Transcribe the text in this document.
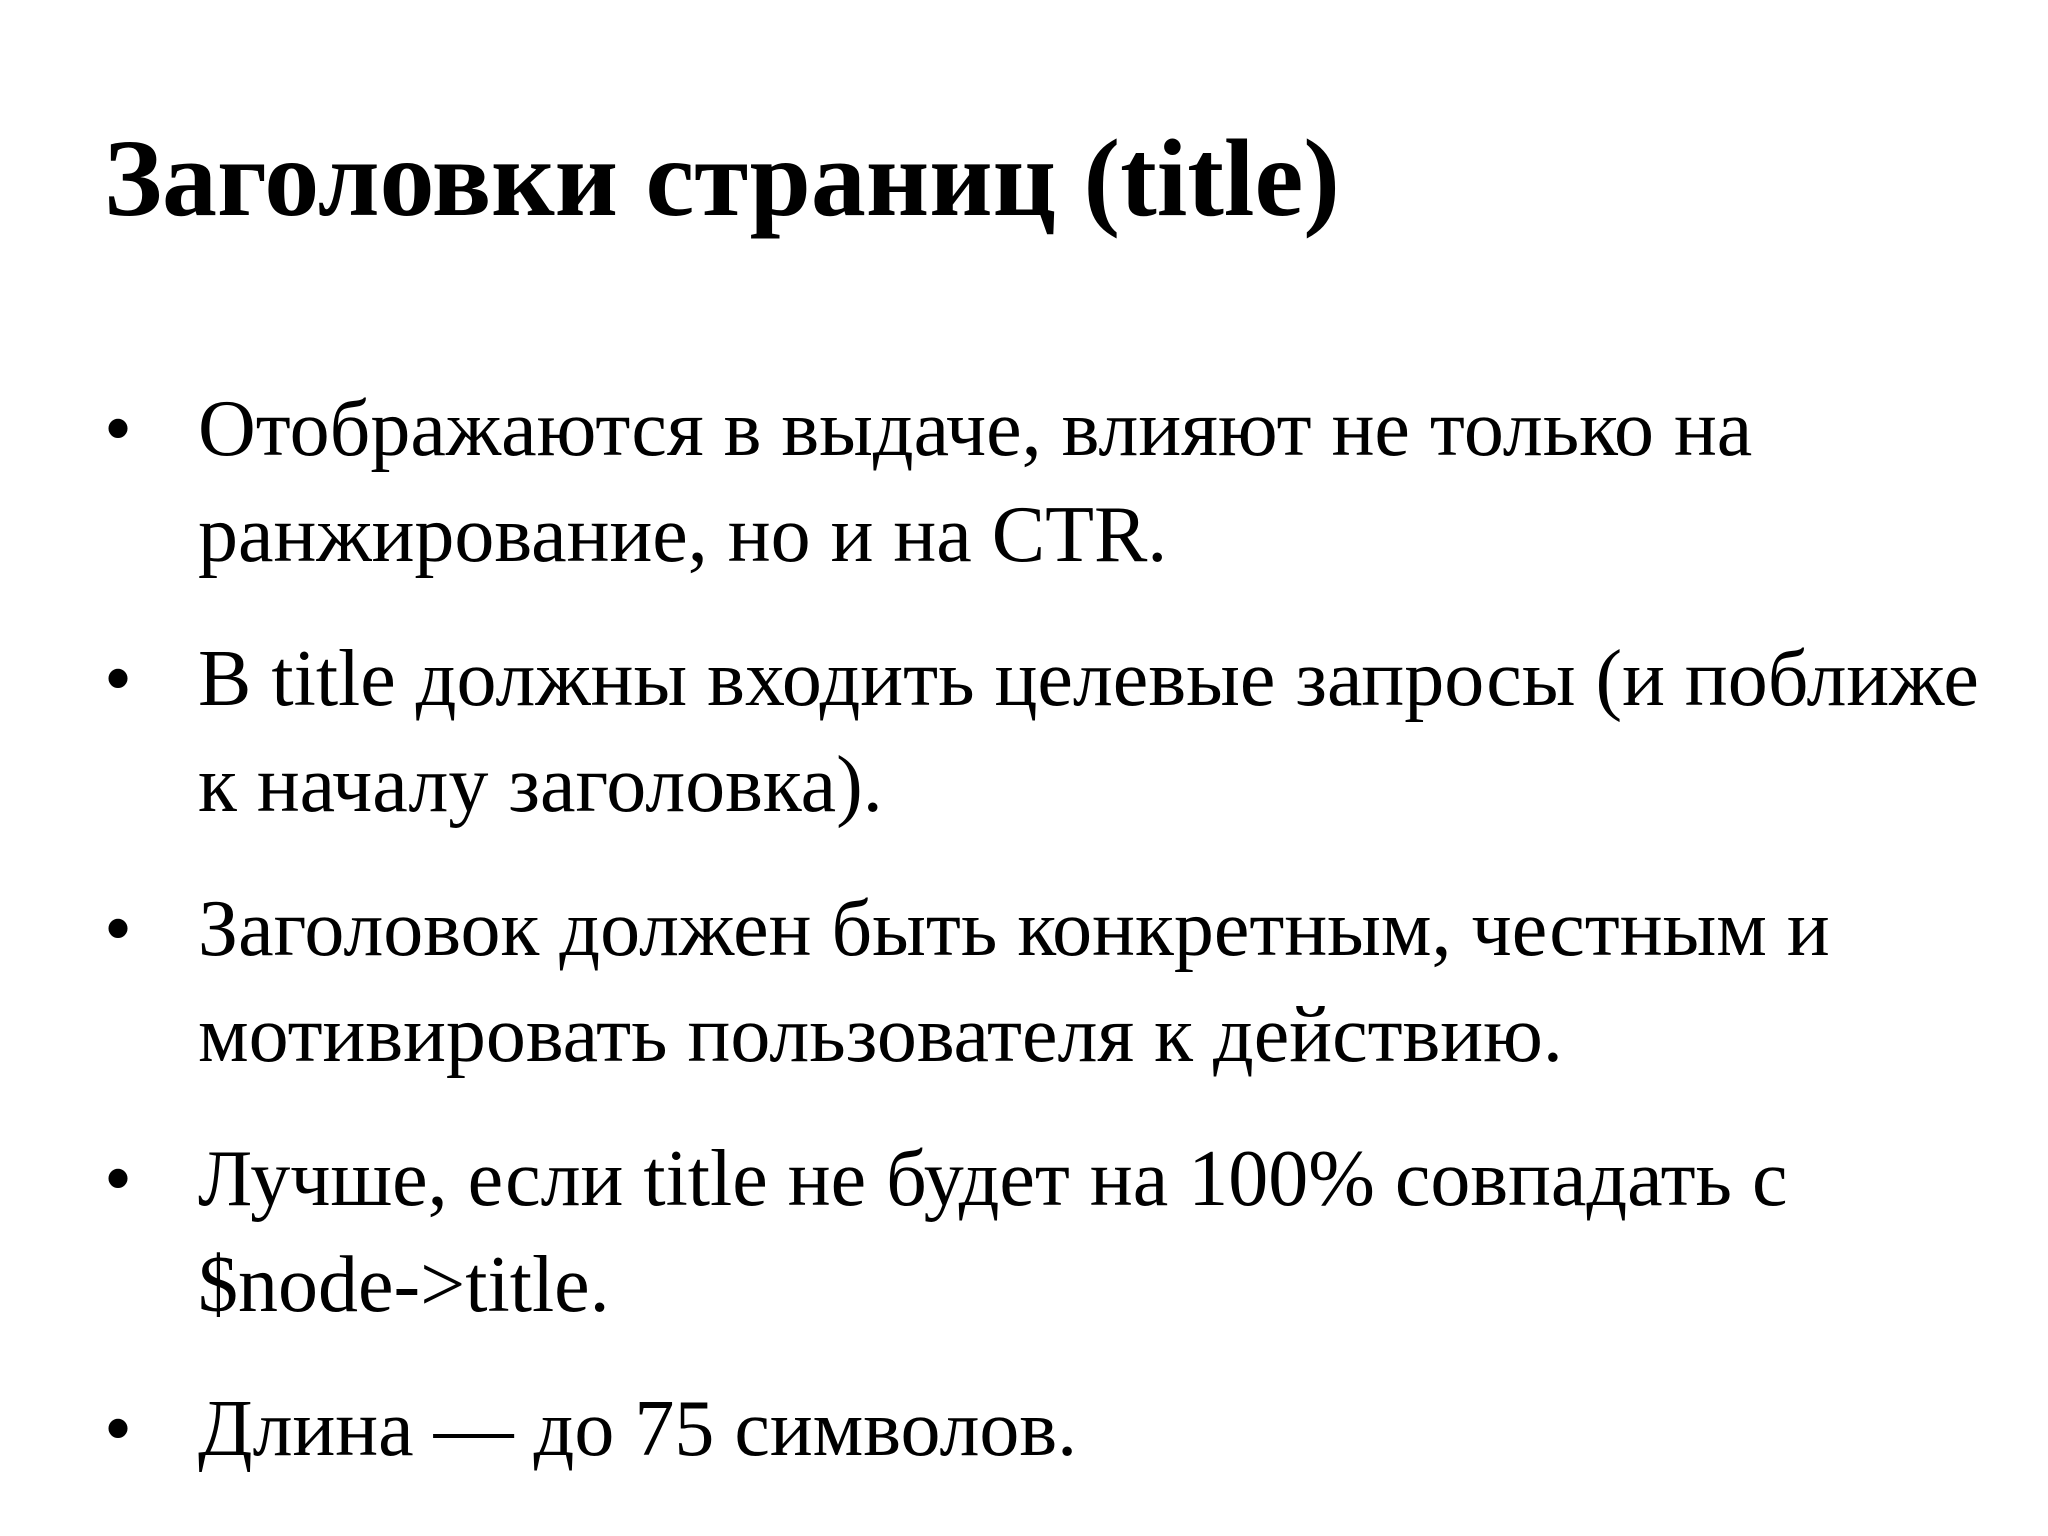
Заголовки страниц (title)
• Отображаются в выдаче, влияют не только на ранжирование, но и на CTR.
• В title должны входить целевые запросы (и поближе к началу заголовка).
• Заголовок должен быть конкретным, честным и мотивировать пользователя к действию.
• Лучше, если title не будет на 100% совпадать с $node->title.
• Длина — до 75 символов.
